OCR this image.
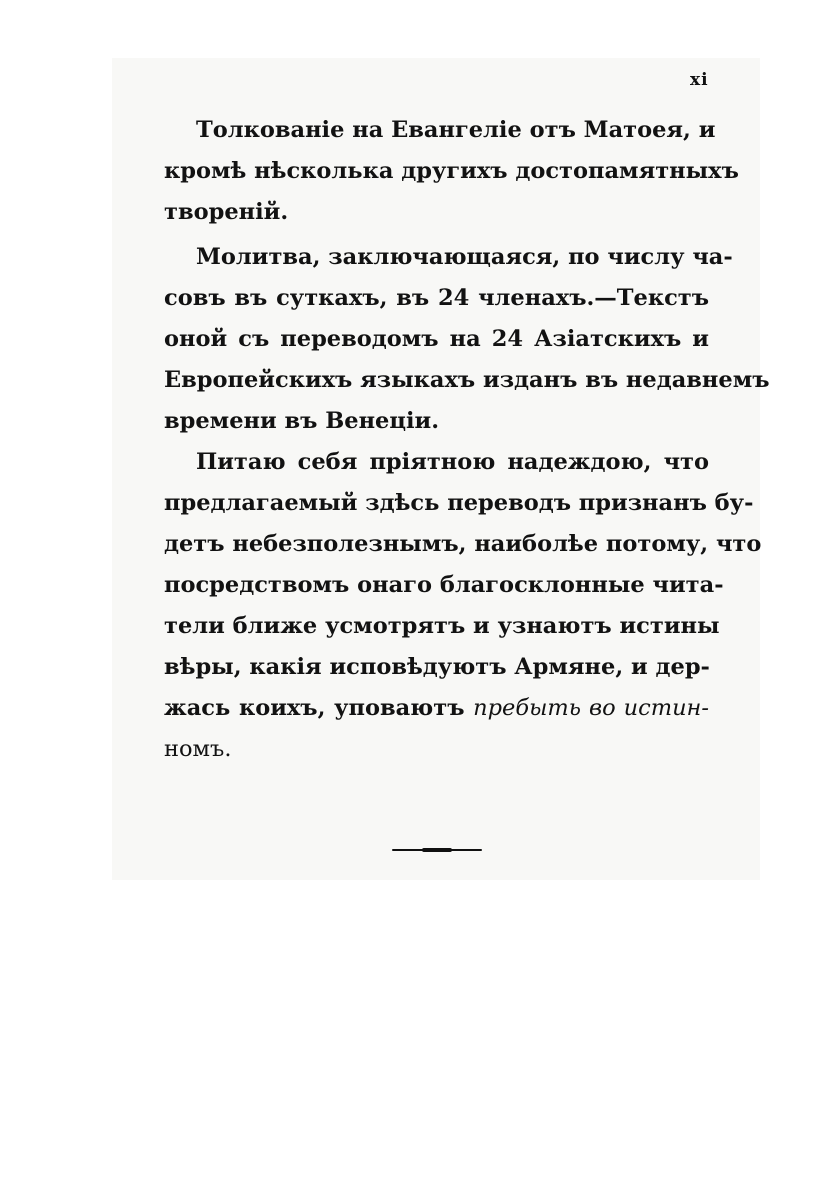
xi
Толкованіе на Евангеліе отъ Матоея, и
кромѣ нѣсколька другихъ достопамятныхъ
твореній.
Молитва, заключающаяся, по числу ча-
совъ въ суткахъ, въ 24 членахъ.—Текстъ
оной съ переводомъ на 24 Азіатскихъ и
Европейскихъ языкахъ изданъ въ недавнемъ
времени въ Венеціи.
Питаю себя пріятною надеждою, что
предлагаемый здѣсь переводъ признанъ бу-
детъ небезполезнымъ, наиболѣе потому, что
посредствомъ онаго благосклонные чита-
тели ближе усмотрятъ и узнаютъ истины
вѣры, какія исповѣдуютъ Армяне, и дер-
жась коихъ, уповаютъ пребыть во истин-
номъ.
